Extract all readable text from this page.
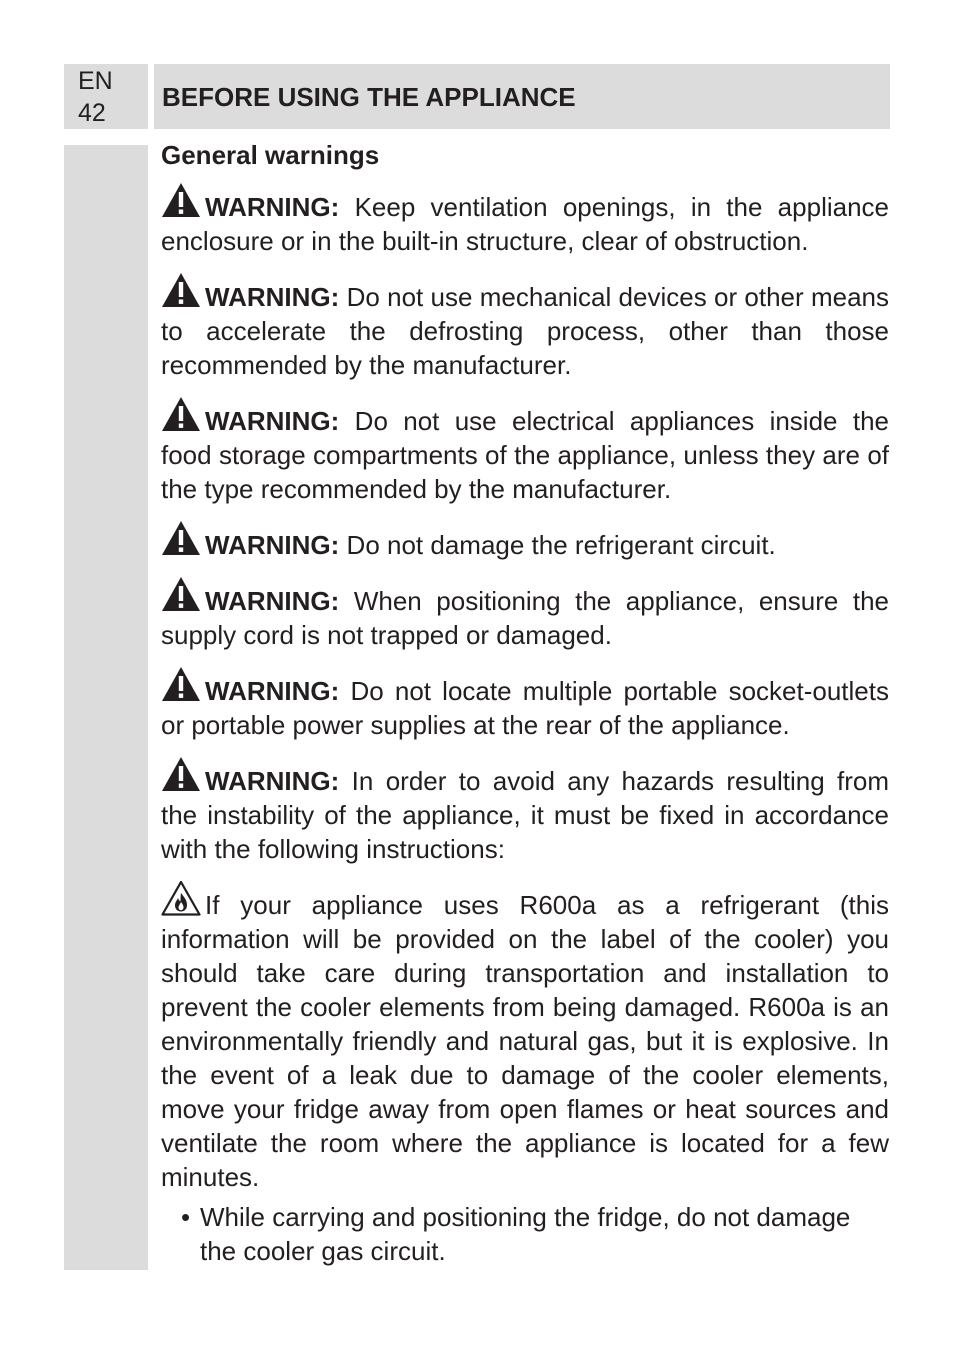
EN
42
BEFORE USING THE APPLIANCE
General warnings

WARNING: Keep ventilation openings, in the appliance enclosure or in the built-in structure, clear of obstruction.

WARNING: Do not use mechanical devices or other means to accelerate the defrosting process, other than those recommended by the manufacturer.

WARNING: Do not use electrical appliances inside the food storage compartments of the appliance, unless they are of the type recommended by the manufacturer.

WARNING: Do not damage the refrigerant circuit.

WARNING: When positioning the appliance, ensure the supply cord is not trapped or damaged.

WARNING: Do not locate multiple portable socket-outlets or portable power supplies at the rear of the appliance.

WARNING: In order to avoid any hazards resulting from the instability of the appliance, it must be fixed in accordance with the following instructions:

If your appliance uses R600a as a refrigerant (this information will be provided on the label of the cooler) you should take care during transportation and installation to prevent the cooler elements from being damaged. R600a is an environmentally friendly and natural gas, but it is explosive. In the event of a leak due to damage of the cooler elements, move your fridge away from open flames or heat sources and ventilate the room where the appliance is located for a few minutes.

• While carrying and positioning the fridge, do not damage the cooler gas circuit.
